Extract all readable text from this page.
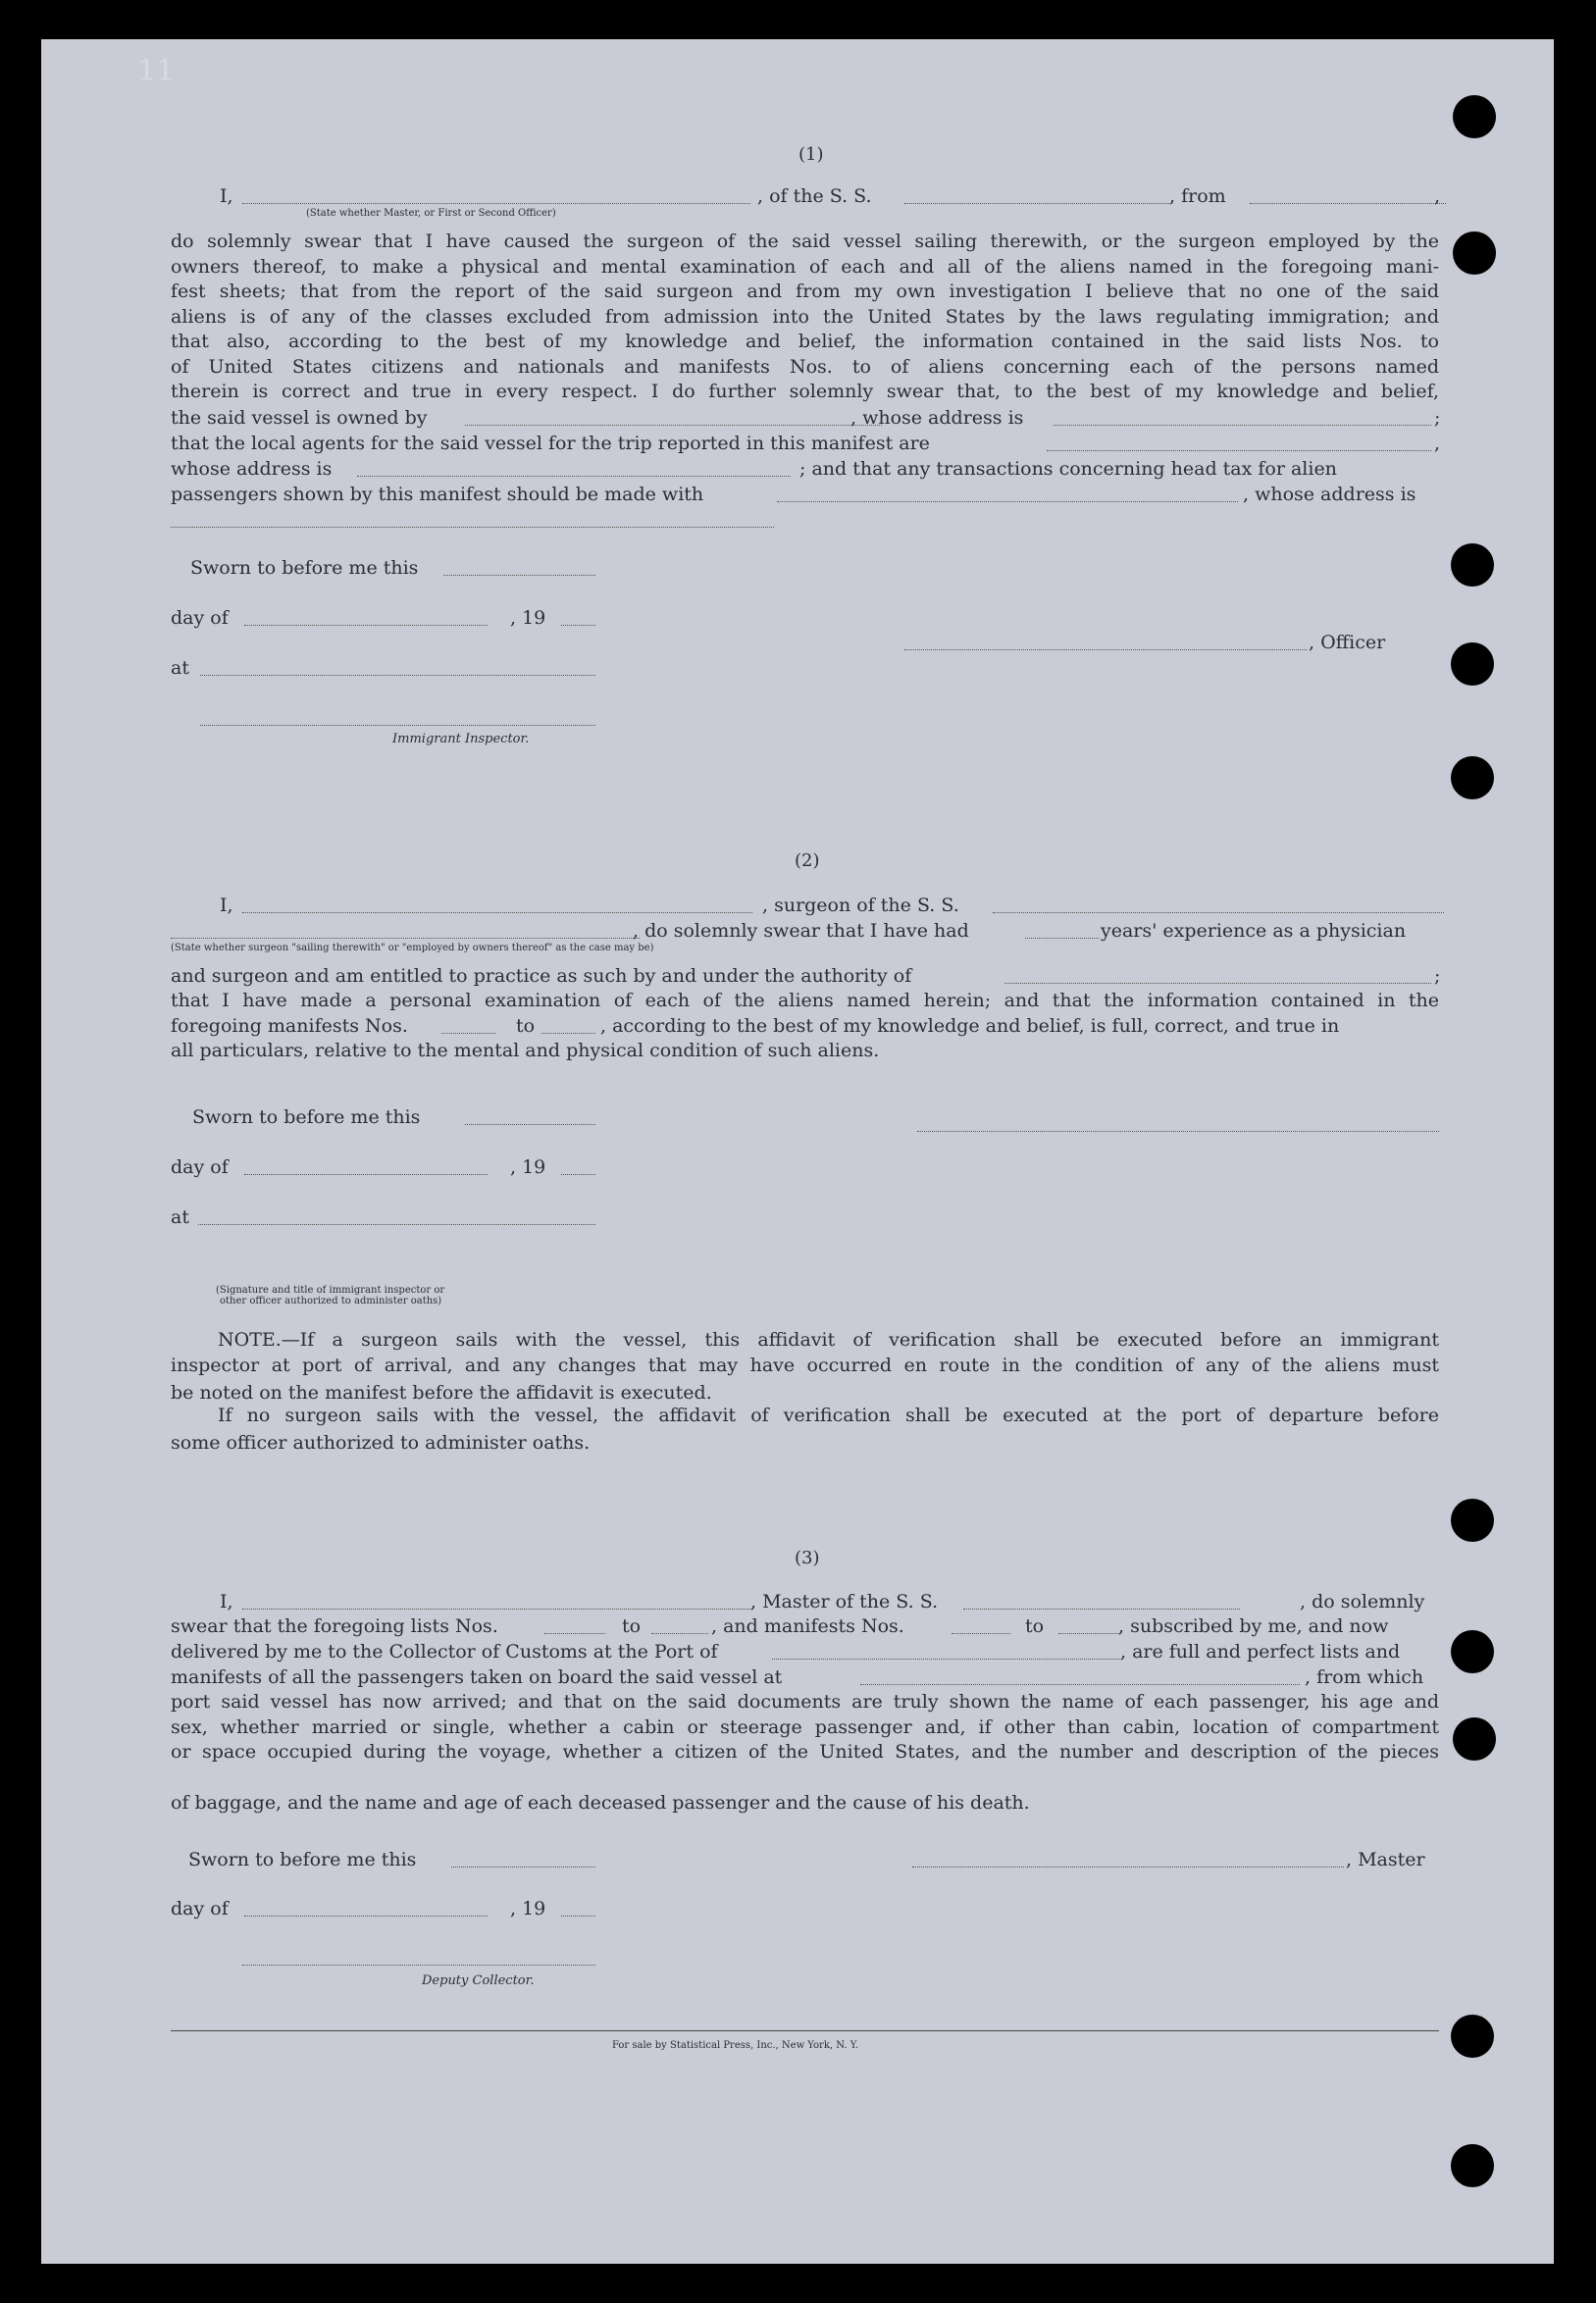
(1)
I,	, of the S. S.	, from	,
(State whether Master, or First or Second Officer)
do solemnly swear that I have caused the surgeon of the said vessel sailing therewith, or the surgeon employed by the
owners thereof, to make a physical and mental examination of each and all of the aliens named in the foregoing mani-
fest sheets; that from the report of the said surgeon and from my own investigation I believe that no one of the said
aliens is of any of the classes excluded from admission into the United States by the laws regulating immigration; and
that also, according to the best of my knowledge and belief, the information contained in the said lists Nos. to
of United States citizens and nationals and manifests Nos. to of aliens concerning each of the persons named
therein is correct and true in every respect. I do further solemnly swear that, to the best of my knowledge and belief,
the said vessel is owned by	, whose address is	;
that the local agents for the said vessel for the trip reported in this manifest are	,
whose address is	; and that any transactions concerning head tax for alien
passengers shown by this manifest should be made with	, whose address is
Sworn to before me this
day of	, 19
at
Immigrant Inspector.
, Officer
(2)
I,	, surgeon of the S. S.
, do solemnly swear that I have had	years' experience as a physician
(State whether surgeon "sailing therewith" or "employed by owners thereof" as the case may be)
and surgeon and am entitled to practice as such by and under the authority of	;
that I have made a personal examination of each of the aliens named herein; and that the information contained in the
foregoing manifests Nos.	to	, according to the best of my knowledge and belief, is full, correct, and true in
all particulars, relative to the mental and physical condition of such aliens.
Sworn to before me this
day of	, 19
at
(Signature and title of immigrant inspector or
other officer authorized to administer oaths)
NOTE.—If a surgeon sails with the vessel, this affidavit of verification shall be executed before an immigrant
inspector at port of arrival, and any changes that may have occurred en route in the condition of any of the aliens must
be noted on the manifest before the affidavit is executed.
If no surgeon sails with the vessel, the affidavit of verification shall be executed at the port of departure before
some officer authorized to administer oaths.
(3)
I,	, Master of the S. S.	, do solemnly
swear that the foregoing lists Nos.	to	, and manifests Nos.	to	, subscribed by me, and now
delivered by me to the Collector of Customs at the Port of	, are full and perfect lists and
manifests of all the passengers taken on board the said vessel at	, from which
port said vessel has now arrived; and that on the said documents are truly shown the name of each passenger, his age and
sex, whether married or single, whether a cabin or steerage passenger and, if other than cabin, location of compartment
or space occupied during the voyage, whether a citizen of the United States, and the number and description of the pieces
of baggage, and the name and age of each deceased passenger and the cause of his death.
Sworn to before me this	, Master
day of	, 19
Deputy Collector.
For sale by Statistical Press, Inc., New York, N. Y.
11
